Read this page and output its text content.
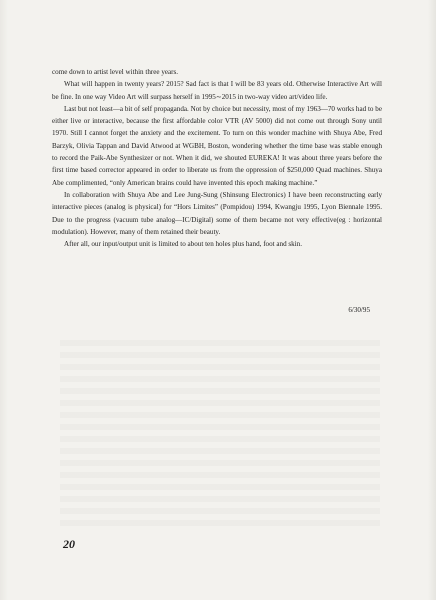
come down to artist level within three years.

What will happen in twenty years? 2015? Sad fact is that I will be 83 years old. Otherwise Interactive Art will be fine. In one way Video Art will surpass herself in 1995∼2015 in two-way video art/video life.

Last but not least—a bit of self propaganda. Not by choice but necessity, most of my 1963—70 works had to be either live or interactive, because the first affordable color VTR (AV 5000) did not come out through Sony until 1970. Still I cannot forget the anxiety and the excitement. To turn on this wonder machine with Shuya Abe, Fred Barzyk, Olivia Tappan and David Atwood at WGBH, Boston, wondering whether the time base was stable enough to record the Paik-Abe Synthesizer or not. When it did, we shouted EUREKA! It was about three years before the first time based corrector appeared in order to liberate us from the oppression of $250,000 Quad machines. Shuya Abe complimented, “only American brains could have invented this epoch making machine.”

In collaboration with Shuya Abe and Lee Jung-Sung (Shinsung Electronics) I have been reconstructing early interactive pieces (analog is physical) for “Hors Limites” (Pompidou) 1994, Kwangju 1995, Lyon Biennale 1995. Due to the progress (vacuum tube analog—IC/Digital) some of them became not very effective(eg : horizontal modulation). However, many of them retained their beauty.

After all, our input/output unit is limited to about ten holes plus hand, foot and skin.

6/30/95
20
